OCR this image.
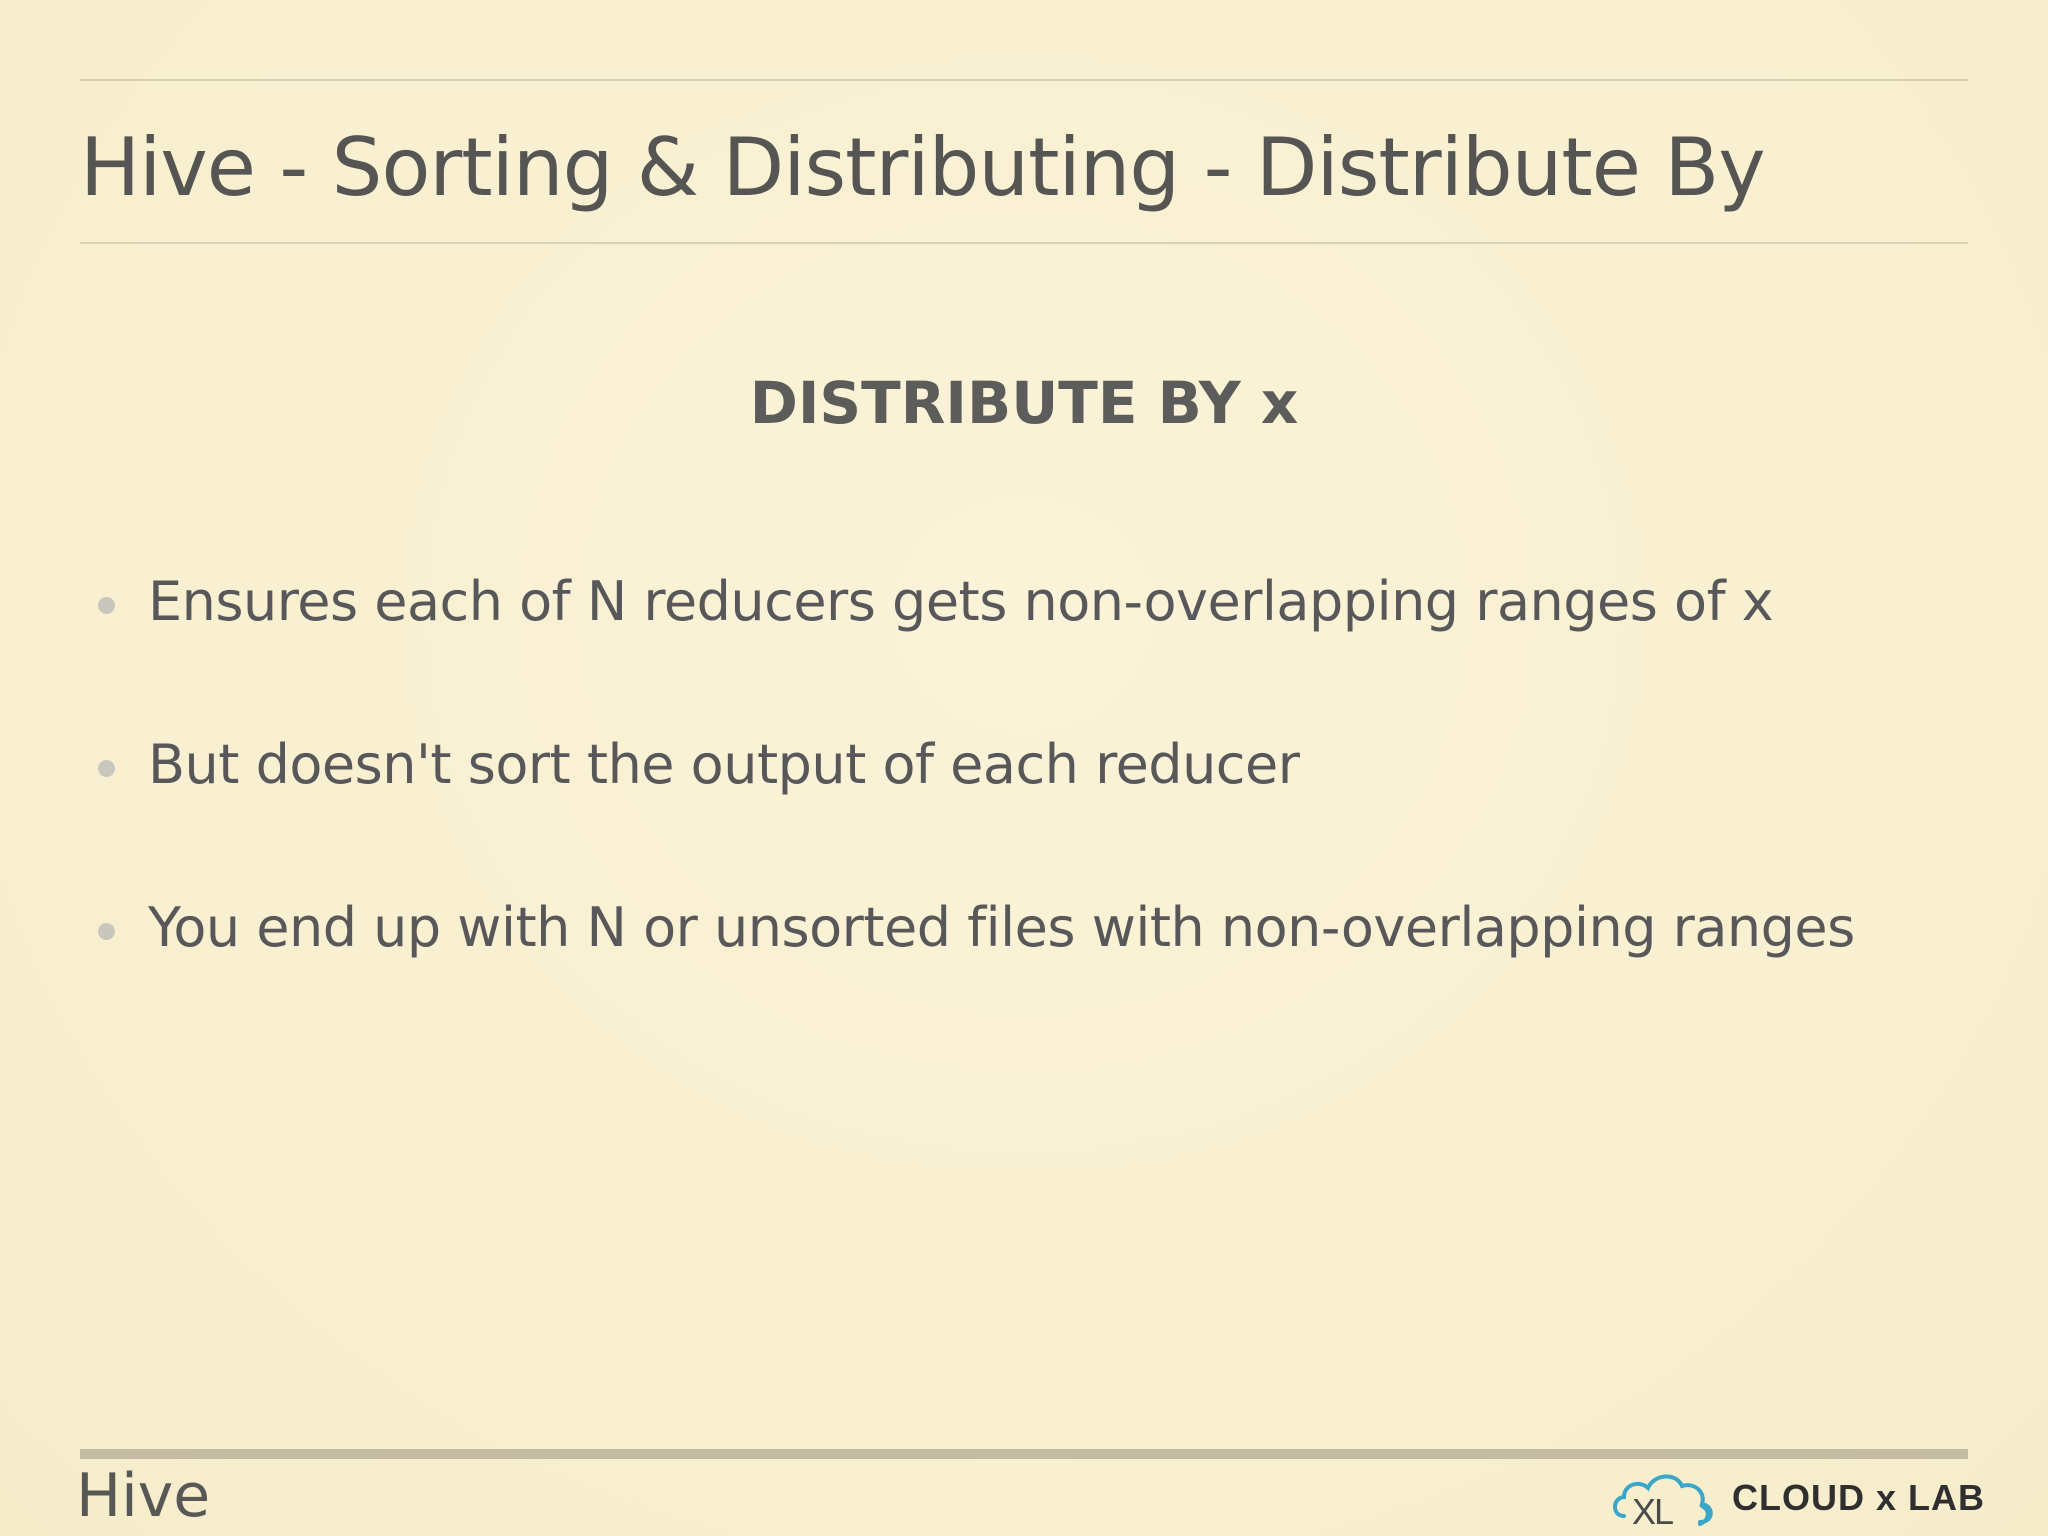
Hive - Sorting & Distributing - Distribute By
DISTRIBUTE BY x
Ensures each of N reducers gets non-overlapping ranges of x
But doesn't sort the output of each reducer
You end up with N or unsorted files with non-overlapping ranges
Hive	XL CLOUD x LAB
